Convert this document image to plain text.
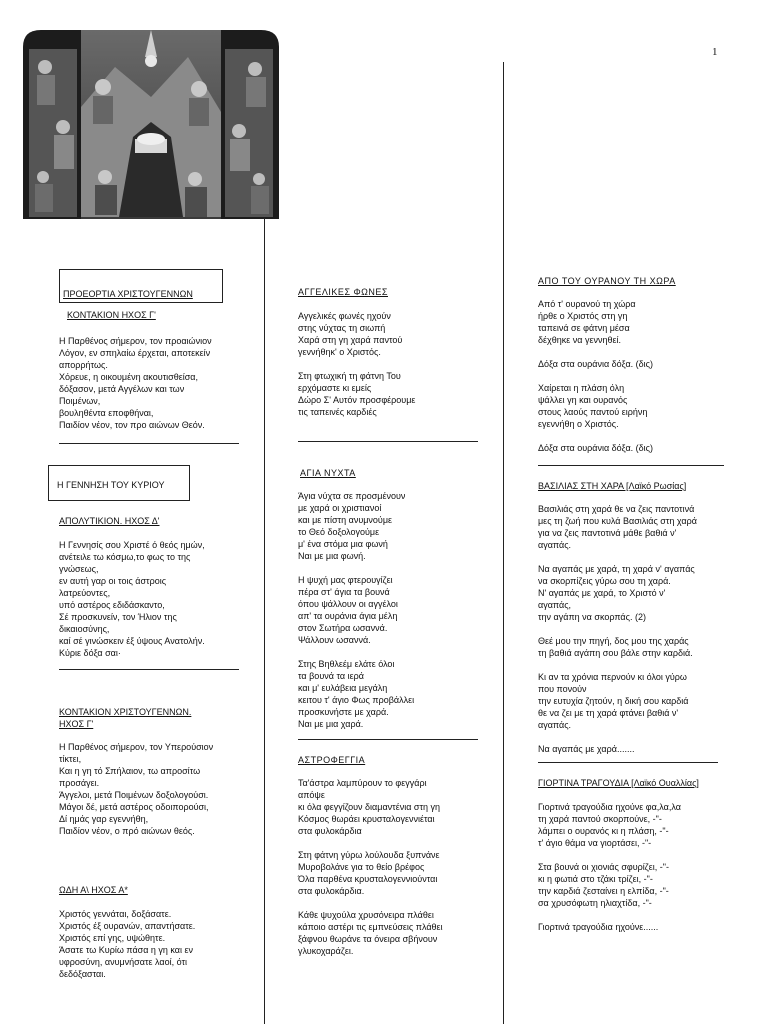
1
ΠΡΟΕΟΡΤΙΑ ΧΡΙΣΤΟΥΓΕΝΝΩΝ
ΚΟΝΤΑΚΙΟΝ ΗΧΟΣ Γ'
Η Παρθένος σήμερον, τον προαιώνιον
Λόγον, εν σπηλαίω έρχεται, αποτεκείν
απορρήτως.
Χόρευε, η οικουμένη ακουτισθείσα,
δόξασον, μετά Αγγέλων και των
Ποιμένων,
βουληθέντα εποφθήναι,
Παιδίον νέον, τον προ αιώνων Θεόν.
Η ΓΕΝΝΗΣΗ ΤΟΥ ΚΥΡΙΟΥ
ΑΠΟΛΥΤΙΚΙΟΝ. ΗΧΟΣ Δ'
Η Γεννησίς σου Χριστέ ό θεός ημών,
ανέτειλε τω κόσμω,το φως το της
γνώσεως,
εν αυτή γαρ οι τοις άστροις
λατρεύοντες,
υπό αστέρος εδιδάσκαντο,
Σέ προσκυνείν, τον Ήλιον της
δικαιοσύνης,
καί σέ γινώσκειν έξ ύψους Ανατολήν.
Κύριε δόξα σαι·
ΚΟΝΤΑΚΙΟΝ ΧΡΙΣΤΟΥΓΕΝΝΩΝ.
ΗΧΟΣ Γ'
Η Παρθένος σήμερον, τον Υπερούσιον
τίκτει,
Και η γη τό Σπήλαιον, τω απροσίτω
προσάγει.
Άγγελοι, μετά Ποιμένων δοξολογούσι.
Μάγοι δέ, μετά αστέρος οδοιπορούσι,
Δί ημάς γαρ εγεννήθη,
Παιδίον νέον, ο πρό αιώνων θεός.
ΩΔΗ Α\ ΗΧΟΣ Α*
Χριστός γεννάται, δοξάσατε.
Χριστός έξ ουρανών, απαντήσατε.
Χριστός επί γης, υψώθητε.
Άσατε τω Κυρίω πάσα η γη και εν
υφροσύνη, ανυμνήσατε λαοί, ότι
δεδόξασται.
ΑΓΓΕΛΙΚΕΣ ΦΩΝΕΣ
Αγγελικές φωνές ηχούν
στης νύχτας τη σιωπή
Χαρά στη γη χαρά παντού
γεννήθηκ' ο Χριστός.
Στη φτωχική τη φάτνη Του
ερχόμαστε κι εμείς
Δώρο Σ' Αυτόν προσφέρουμε
τις ταπεινές καρδιές
ΑΓΙΑ ΝΥΧΤΑ
Άγια νύχτα σε προσμένουν
με χαρά οι χριστιανοί
και με πίστη ανυμνούμε
το Θεό δοξολογούμε
μ' ένα στόμα μια φωνή
Ναι με μια φωνή.
Η ψυχή μας φτερουγίζει
πέρα στ' άγια τα βουνά
όπου ψάλλουν οι αγγέλοι
απ' τα ουράνια άγια μέλη
στον Σωτήρα ωσαννά.
Ψάλλουν ωσαννά.
Στης Βηθλεέμ ελάτε όλοι
τα βουνά τα ιερά
και μ' ευλάβεια μεγάλη
κειτου τ' άγιο Φως προβάλλει
προσκυνήστε με χαρά.
Ναι με μια χαρά.
ΑΣΤΡΟΦΕΓΓΙΑ
Τα'άστρα λαμπύρουν το φεγγάρι
απόψε
κι όλα φεγγίζουν διαμαντένια στη γη
Κόσμος θωράει κρυσταλογεννιέται
στα φυλοκάρδια
Στη φάτνη γύρω λούλουδα ξυπνάνε
Μυροβολάνε για το θείο βρέφος
Όλα παρθένα κρυσταλογεννιούνται
στα φυλοκάρδια.
Κάθε ψυχούλα χρυσόνειρα πλάθει
κάποιο αστέρι τις εμπνεύσεις πλάθει
ξάφνου θωράνε τα όνειρα σβήνουν
γλυκοχαράζει.
ΑΠΟ ΤΟΥ ΟΥΡΑΝΟΥ ΤΗ ΧΩΡΑ
Από τ' ουρανού τη χώρα
ήρθε ο Χριστός στη γη
ταπεινά σε φάτνη μέσα
δέχθηκε να γεννηθεί.
Δόξα στα ουράνια δόξα. (δις)
Χαίρεται η πλάση όλη
ψάλλει γη και ουρανός
στους λαούς παντού ειρήνη
εγεννήθη ο Χριστός.
Δόξα στα ουράνια δόξα. (δις)
ΒΑΣΙΛΙΑΣ ΣΤΗ ΧΑΡΑ [Λαϊκό Ρωσίας]
Βασιλιάς στη χαρά θε να ζεις παντοτινά
μες τη ζωή που κυλά Βασιλιάς στη χαρά
για να ζεις παντοτινά μάθε βαθιά ν'
αγαπάς.
Να αγαπάς με χαρά, τη χαρά ν' αγαπάς
να σκορπίζεις γύρω σου τη χαρά.
Ν' αγαπάς με χαρά, το Χριστό ν'
αγαπάς,
την αγάπη να σκορπάς. (2)
Θεέ μου την πηγή, δος μου της χαράς
τη βαθιά αγάπη σου βάλε στην καρδιά.
Κι αν τα χρόνια περνούν κι όλοι γύρω
που πονούν
την ευτυχία ζητούν, η δική σου καρδιά
θε να ζει με τη χαρά φτάνει βαθιά ν'
αγαπάς.
Να αγαπάς με χαρά.......
ΓΙΟΡΤΙΝΑ ΤΡΑΓΟΥΔΙΑ [Λαϊκό Ουαλλίας]
Γιορτινά τραγούδια ηχούνε φα,λα,λα
τη χαρά παντού σκορπούνε, -"-
λάμπει ο ουρανός κι η πλάση, -"-
τ' άγιο θάμα να γιορτάσει, -"-
Στα βουνά οι χιονιάς σφυρίζει, -"-
κι η φωτιά στο τζάκι τρίζει, -"-
την καρδιά ζεσταίνει η ελπίδα, -"-
σα χρυσόφωτη ηλιαχτίδα, -"-
Γιορτινά τραγούδια ηχούνε......
